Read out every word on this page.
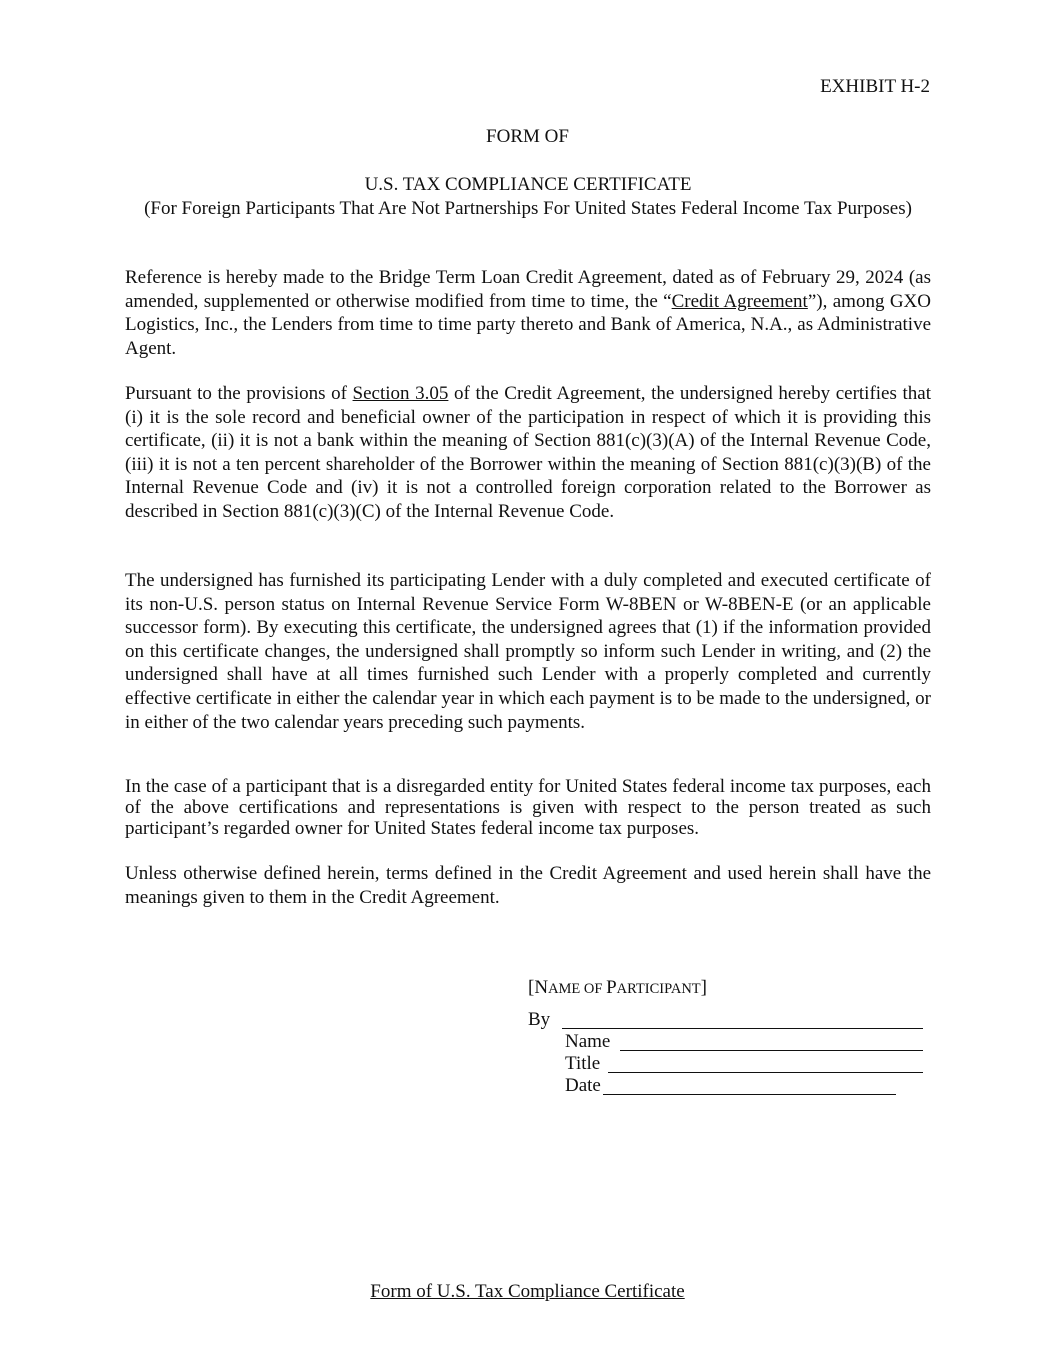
EXHIBIT H-2
FORM OF
U.S. TAX COMPLIANCE CERTIFICATE
(For Foreign Participants That Are Not Partnerships For United States Federal Income Tax Purposes)

Reference is hereby made to the Bridge Term Loan Credit Agreement, dated as of February 29, 2024 (as amended, supplemented or otherwise modified from time to time, the “Credit Agreement”), among GXO Logistics, Inc., the Lenders from time to time party thereto and Bank of America, N.A., as Administrative Agent.

Pursuant to the provisions of Section 3.05 of the Credit Agreement, the undersigned hereby certifies that (i) it is the sole record and beneficial owner of the participation in respect of which it is providing this certificate, (ii) it is not a bank within the meaning of Section 881(c)(3)(A) of the Internal Revenue Code, (iii) it is not a ten percent shareholder of the Borrower within the meaning of Section 881(c)(3)(B) of the Internal Revenue Code and (iv) it is not a controlled foreign corporation related to the Borrower as described in Section 881(c)(3)(C) of the Internal Revenue Code.

The undersigned has furnished its participating Lender with a duly completed and executed certificate of its non-U.S. person status on Internal Revenue Service Form W-8BEN or W-8BEN-E (or an applicable successor form). By executing this certificate, the undersigned agrees that (1) if the information provided on this certificate changes, the undersigned shall promptly so inform such Lender in writing, and (2) the undersigned shall have at all times furnished such Lender with a properly completed and currently effective certificate in either the calendar year in which each payment is to be made to the undersigned, or in either of the two calendar years preceding such payments.

In the case of a participant that is a disregarded entity for United States federal income tax purposes, each of the above certifications and representations is given with respect to the person treated as such participant’s regarded owner for United States federal income tax purposes.

Unless otherwise defined herein, terms defined in the Credit Agreement and used herein shall have the meanings given to them in the Credit Agreement.

[NAME OF PARTICIPANT]
By
Name
Title
Date
Form of U.S. Tax Compliance Certificate
